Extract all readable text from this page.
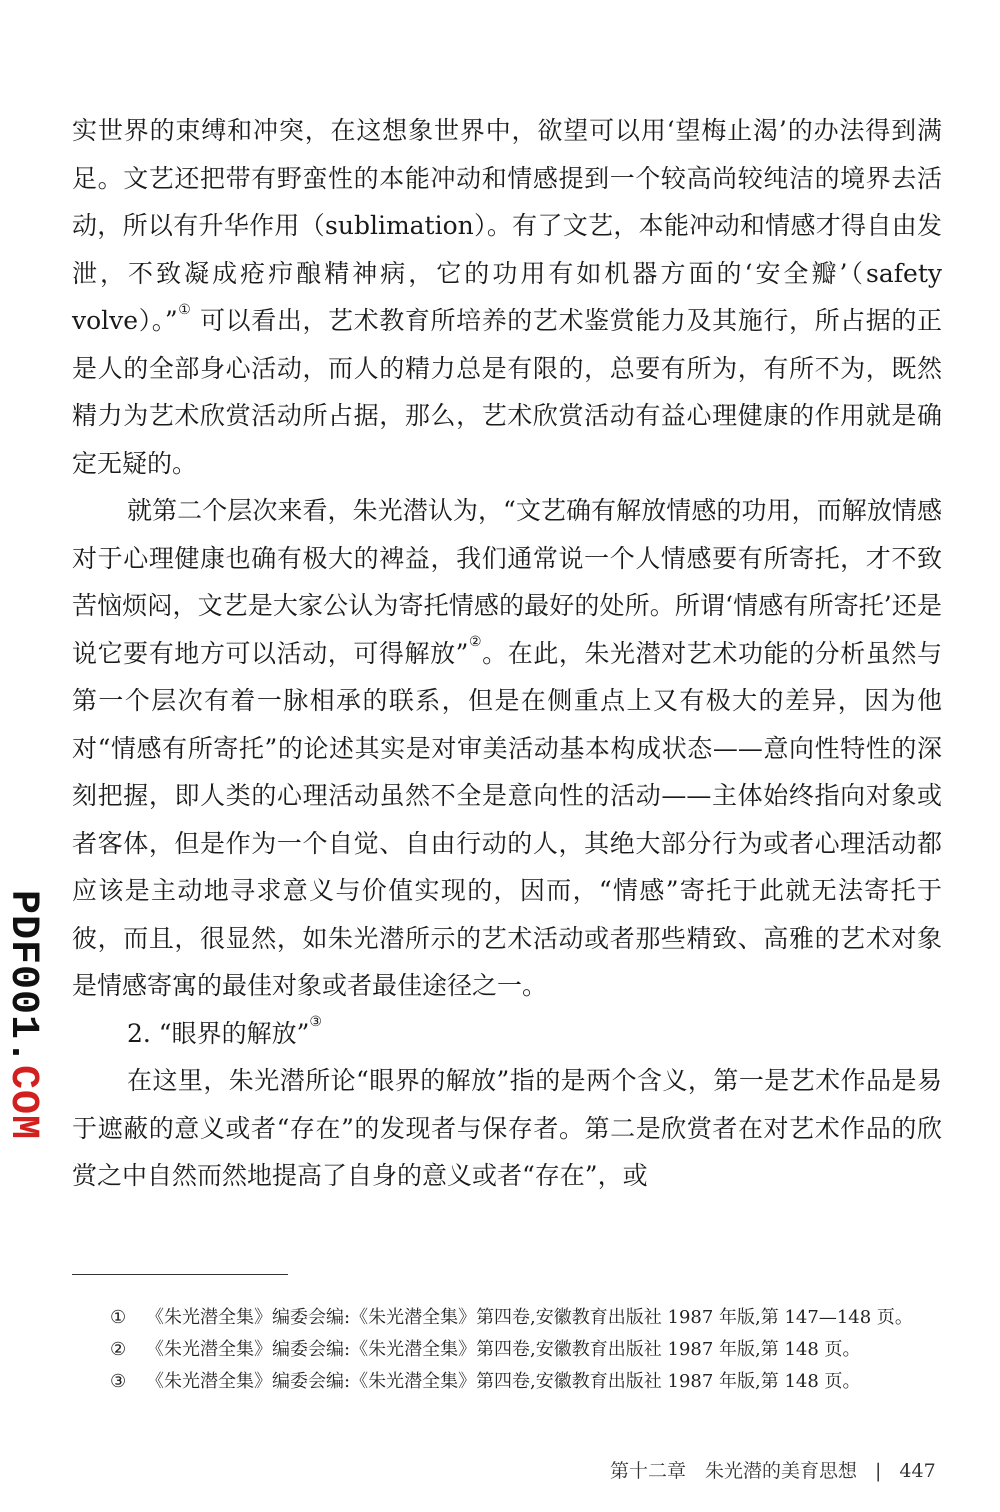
实世界的束缚和冲突，在这想象世界中，欲望可以用‘望梅止渴’的办法得到满足。文艺还把带有野蛮性的本能冲动和情感提到一个较高尚较纯洁的境界去活动，所以有升华作用（sublimation）。有了文艺，本能冲动和情感才得自由发泄，不致凝成疮疖酿精神病，它的功用有如机器方面的‘安全瓣’（safety volve）。”① 可以看出，艺术教育所培养的艺术鉴赏能力及其施行，所占据的正是人的全部身心活动，而人的精力总是有限的，总要有所为，有所不为，既然精力为艺术欣赏活动所占据，那么，艺术欣赏活动有益心理健康的作用就是确定无疑的。

就第二个层次来看，朱光潜认为，“文艺确有解放情感的功用，而解放情感对于心理健康也确有极大的裨益，我们通常说一个人情感要有所寄托，才不致苦恼烦闷，文艺是大家公认为寄托情感的最好的处所。所谓‘情感有所寄托’还是说它要有地方可以活动，可得解放”②。在此，朱光潜对艺术功能的分析虽然与第一个层次有着一脉相承的联系，但是在侧重点上又有极大的差异，因为他对“情感有所寄托”的论述其实是对审美活动基本构成状态——意向性特性的深刻把握，即人类的心理活动虽然不全是意向性的活动——主体始终指向对象或者客体，但是作为一个自觉、自由行动的人，其绝大部分行为或者心理活动都应该是主动地寻求意义与价值实现的，因而，“情感”寄托于此就无法寄托于彼，而且，很显然，如朱光潜所示的艺术活动或者那些精致、高雅的艺术对象是情感寄寓的最佳对象或者最佳途径之一。

2. “眼界的解放”③

在这里，朱光潜所论“眼界的解放”指的是两个含义，第一是艺术作品是易于遮蔽的意义或者“存在”的发现者与保存者。第二是欣赏者在对艺术作品的欣赏之中自然而然地提高了自身的意义或者“存在”，或

① 《朱光潜全集》编委会编:《朱光潜全集》第四卷,安徽教育出版社 1987 年版,第 147—148 页。
② 《朱光潜全集》编委会编:《朱光潜全集》第四卷,安徽教育出版社 1987 年版,第 148 页。
③ 《朱光潜全集》编委会编:《朱光潜全集》第四卷,安徽教育出版社 1987 年版,第 148 页。
第十二章　朱光潜的美育思想 | 447
PDF001.COM
